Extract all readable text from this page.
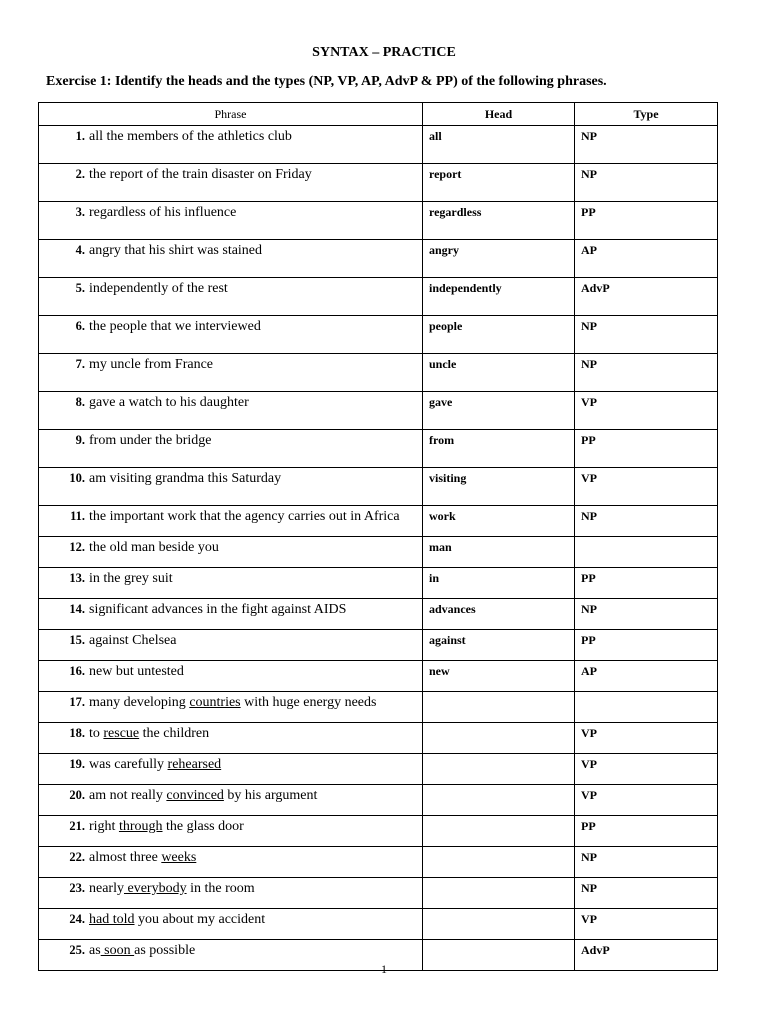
SYNTAX – PRACTICE
Exercise 1: Identify the heads and the types (NP, VP, AP, AdvP & PP) of the following phrases.
Phrase	Head	Type
1. all the members of the athletics club	all	NP
2. the report of the train disaster on Friday	report	NP
3. regardless of his influence	regardless	PP
4. angry that his shirt was stained	angry	AP
5. independently of the rest	independently	AdvP
6. the people that we interviewed	people	NP
7. my uncle from France	uncle	NP
8. gave a watch to his daughter	gave	VP
9. from under the bridge	from	PP
10. am visiting grandma this Saturday	visiting	VP
11. the important work that the agency carries out in Africa	work	NP
12. the old man beside you	man	
13. in the grey suit	in	PP
14. significant advances in the fight against AIDS	advances	NP
15. against Chelsea	against	PP
16. new but untested	new	AP
17. many developing countries with huge energy needs		
18. to rescue the children		VP
19. was carefully rehearsed		VP
20. am not really convinced by his argument		VP
21. right through the glass door		PP
22. almost three weeks		NP
23. nearly everybody in the room		NP
24. had told you about my accident		VP
25. as soon as possible		AdvP
1
